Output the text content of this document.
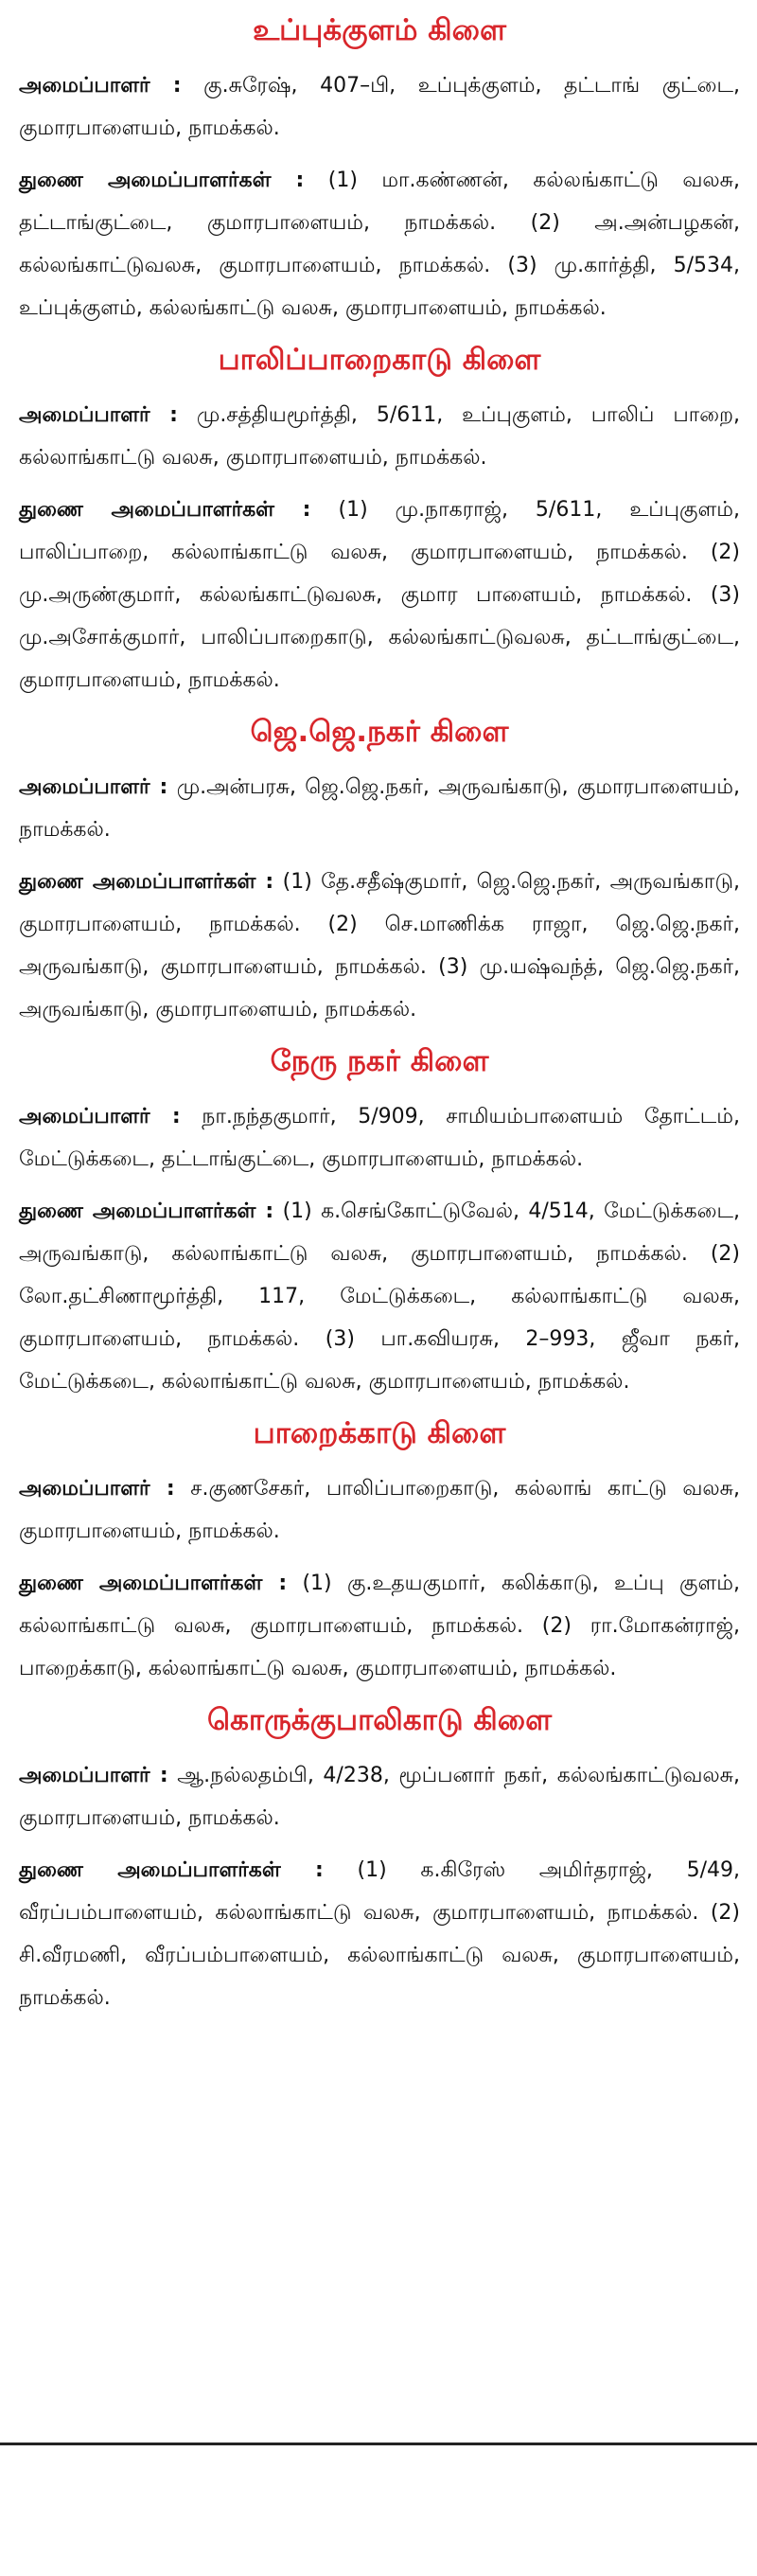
உப்புக்குளம் கிளை

அமைப்பாளர் : கு.சுரேஷ், 407–பி, உப்புக்குளம், தட்டாங் குட்டை, குமாரபாளையம், நாமக்கல்.

துணை அமைப்பாளர்கள் : (1) மா.கண்ணன், கல்லங்காட்டு வலசு, தட்டாங்குட்டை, குமாரபாளையம், நாமக்கல். (2) அ.அன்பழகன், கல்லங்காட்டுவலசு, குமாரபாளையம், நாமக்கல். (3) மு.கார்த்தி, 5/534, உப்புக்குளம், கல்லங்காட்டு வலசு, குமாரபாளையம், நாமக்கல்.

பாலிப்பாறைகாடு கிளை

அமைப்பாளர் : மு.சத்தியமூர்த்தி, 5/611, உப்புகுளம், பாலிப் பாறை, கல்லாங்காட்டு வலசு, குமாரபாளையம், நாமக்கல்.

துணை அமைப்பாளர்கள் : (1) மு.நாகராஜ், 5/611, உப்புகுளம், பாலிப்பாறை, கல்லாங்காட்டு வலசு, குமாரபாளையம், நாமக்கல். (2) மு.அருண்குமார், கல்லங்காட்டுவலசு, குமார பாளையம், நாமக்கல். (3) மு.அசோக்குமார், பாலிப்பாறைகாடு, கல்லங்காட்டுவலசு, தட்டாங்குட்டை, குமாரபாளையம், நாமக்கல்.

ஜெ.ஜெ.நகர் கிளை

அமைப்பாளர் : மு.அன்பரசு, ஜெ.ஜெ.நகர், அருவங்காடு, குமாரபாளையம், நாமக்கல்.

துணை அமைப்பாளர்கள் : (1) தே.சதீஷ்குமார், ஜெ.ஜெ.நகர், அருவங்காடு, குமாரபாளையம், நாமக்கல். (2) செ.மாணிக்க ராஜா, ஜெ.ஜெ.நகர், அருவங்காடு, குமாரபாளையம், நாமக்கல். (3) மு.யஷ்வந்த், ஜெ.ஜெ.நகர், அருவங்காடு, குமாரபாளையம், நாமக்கல்.

நேரு நகர் கிளை

அமைப்பாளர் : நா.நந்தகுமார், 5/909, சாமியம்பாளையம் தோட்டம், மேட்டுக்கடை, தட்டாங்குட்டை, குமாரபாளையம், நாமக்கல்.

துணை அமைப்பாளர்கள் : (1) க.செங்கோட்டுவேல், 4/514, மேட்டுக்கடை, அருவங்காடு, கல்லாங்காட்டு வலசு, குமாரபாளையம், நாமக்கல். (2) லோ.தட்சிணாமூர்த்தி, 117, மேட்டுக்கடை, கல்லாங்காட்டு வலசு, குமாரபாளையம், நாமக்கல். (3) பா.கவியரசு, 2–993, ஜீவா நகர், மேட்டுக்கடை, கல்லாங்காட்டு வலசு, குமாரபாளையம், நாமக்கல்.

பாறைக்காடு கிளை

அமைப்பாளர் : ச.குணசேகர், பாலிப்பாறைகாடு, கல்லாங் காட்டு வலசு, குமாரபாளையம், நாமக்கல்.

துணை அமைப்பாளர்கள் : (1) கு.உதயகுமார், கலிக்காடு, உப்பு குளம், கல்லாங்காட்டு வலசு, குமாரபாளையம், நாமக்கல். (2) ரா.மோகன்ராஜ், பாறைக்காடு, கல்லாங்காட்டு வலசு, குமாரபாளையம், நாமக்கல்.

கொருக்குபாலிகாடு கிளை

அமைப்பாளர் : ஆ.நல்லதம்பி, 4/238, மூப்பனார் நகர், கல்லங்காட்டுவலசு, குமாரபாளையம், நாமக்கல்.

துணை அமைப்பாளர்கள் : (1) க.கிரேஸ் அமிர்தராஜ், 5/49, வீரப்பம்பாளையம், கல்லாங்காட்டு வலசு, குமாரபாளையம், நாமக்கல். (2) சி.வீரமணி, வீரப்பம்பாளையம், கல்லாங்காட்டு வலசு, குமாரபாளையம், நாமக்கல்.
